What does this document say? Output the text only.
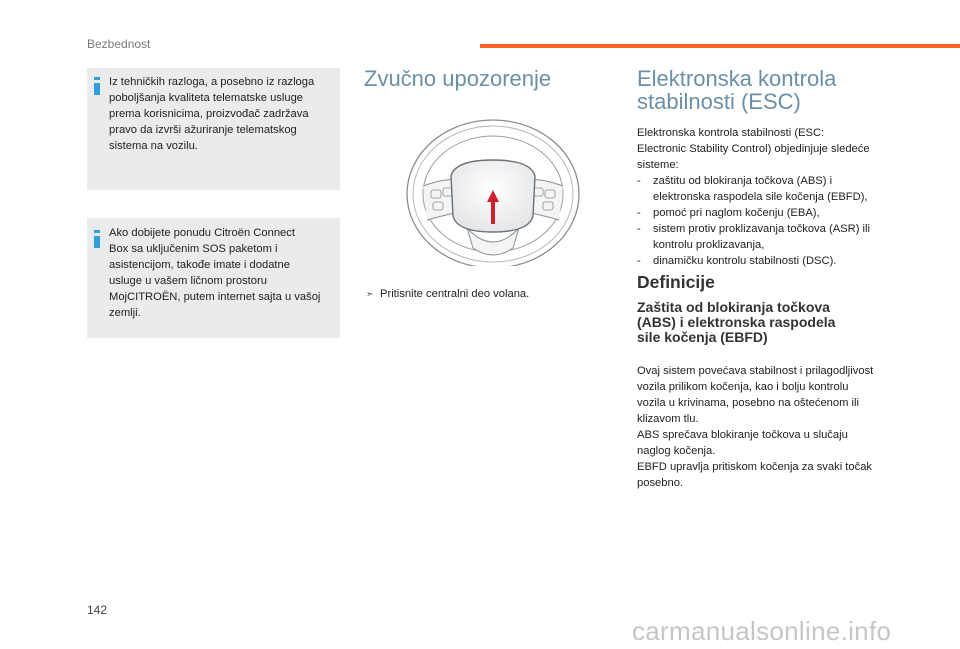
Bezbednost
Iz tehničkih razloga, a posebno iz razloga
poboljšanja kvaliteta telematske usluge
prema korisnicima, proizvođač zadržava
pravo da izvrši ažuriranje telematskog
sistema na vozilu.
Ako dobijete ponudu Citroën Connect
Box sa uključenim SOS paketom i
asistencijom, takođe imate i dodatne
usluge u vašem ličnom prostoru
MojCITROËN, putem internet sajta u vašoj
zemlji.
Zvučno upozorenje
➣ Pritisnite centralni deo volana.
Elektronska kontrola
stabilnosti (ESC)
Elektronska kontrola stabilnosti (ESC:
Electronic Stability Control) objedinjuje sledeće
sisteme:
- zaštitu od blokiranja točkova (ABS) i
elektronska raspodela sile kočenja (EBFD),
- pomoć pri naglom kočenju (EBA),
- sistem protiv proklizavanja točkova (ASR) ili
kontrolu proklizavanja,
- dinamičku kontrolu stabilnosti (DSC).
Definicije
Zaštita od blokiranja točkova
(ABS) i elektronska raspodela
sile kočenja (EBFD)
Ovaj sistem povećava stabilnost i prilagodljivost
vozila prilikom kočenja, kao i bolju kontrolu
vozila u krivinama, posebno na oštećenom ili
klizavom tlu.
ABS sprečava blokiranje točkova u slučaju
naglog kočenja.
EBFD upravlja pritiskom kočenja za svaki točak
posebno.
142
carmanualsonline.info
